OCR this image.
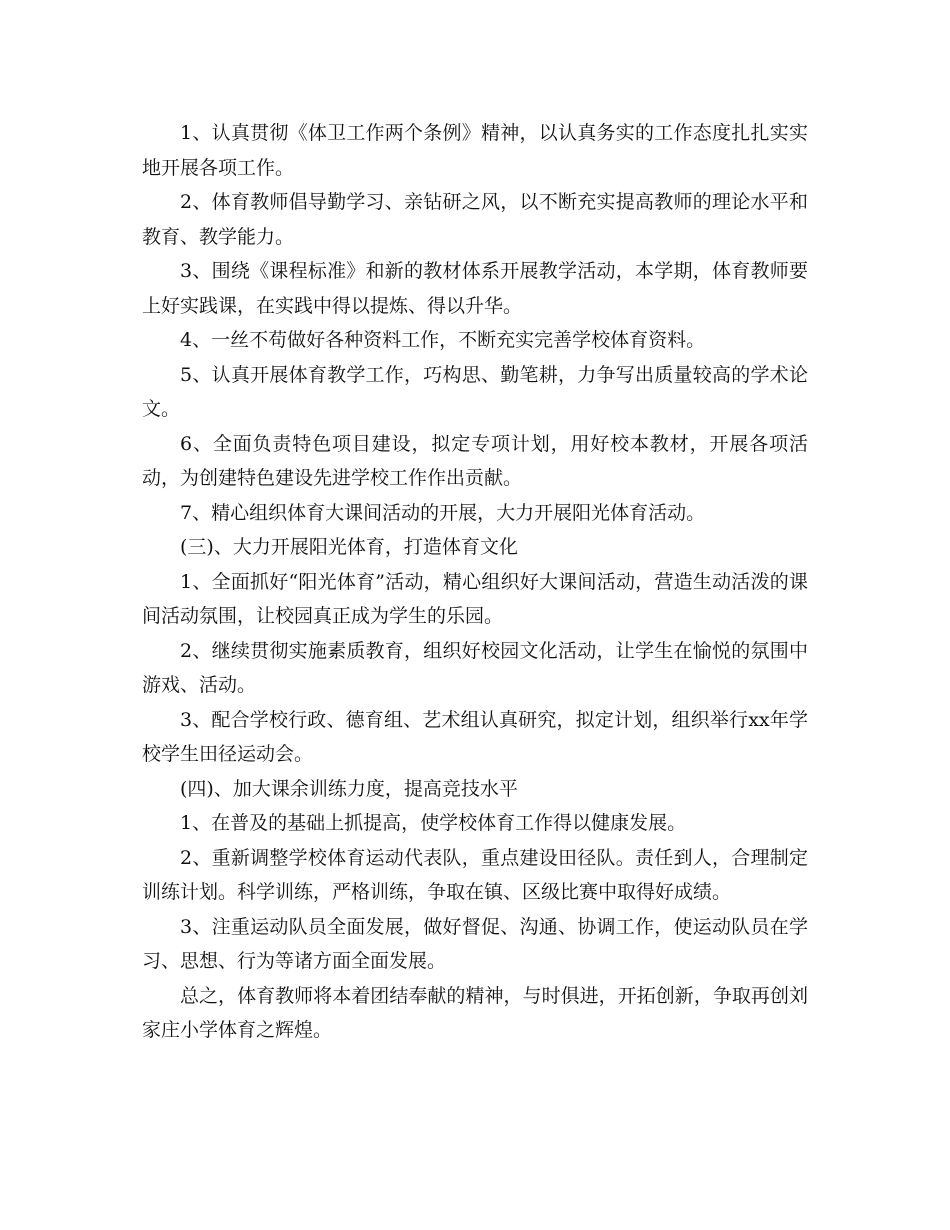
1、认真贯彻《体卫工作两个条例》精神，以认真务实的工作态度扎扎实实地开展各项工作。

2、体育教师倡导勤学习、亲钻研之风，以不断充实提高教师的理论水平和教育、教学能力。

3、围绕《课程标准》和新的教材体系开展教学活动，本学期，体育教师要上好实践课，在实践中得以提炼、得以升华。

4、一丝不苟做好各种资料工作，不断充实完善学校体育资料。

5、认真开展体育教学工作，巧构思、勤笔耕，力争写出质量较高的学术论文。

6、全面负责特色项目建设，拟定专项计划，用好校本教材，开展各项活动，为创建特色建设先进学校工作作出贡献。

7、精心组织体育大课间活动的开展，大力开展阳光体育活动。

(三)、大力开展阳光体育，打造体育文化

1、全面抓好“阳光体育”活动，精心组织好大课间活动，营造生动活泼的课间活动氛围，让校园真正成为学生的乐园。

2、继续贯彻实施素质教育，组织好校园文化活动，让学生在愉悦的氛围中游戏、活动。

3、配合学校行政、德育组、艺术组认真研究，拟定计划，组织举行xx年学校学生田径运动会。

(四)、加大课余训练力度，提高竞技水平

1、在普及的基础上抓提高，使学校体育工作得以健康发展。

2、重新调整学校体育运动代表队，重点建设田径队。责任到人，合理制定训练计划。科学训练，严格训练，争取在镇、区级比赛中取得好成绩。

3、注重运动队员全面发展，做好督促、沟通、协调工作，使运动队员在学习、思想、行为等诸方面全面发展。

总之，体育教师将本着团结奉献的精神，与时俱进，开拓创新，争取再创刘家庄小学体育之辉煌。
